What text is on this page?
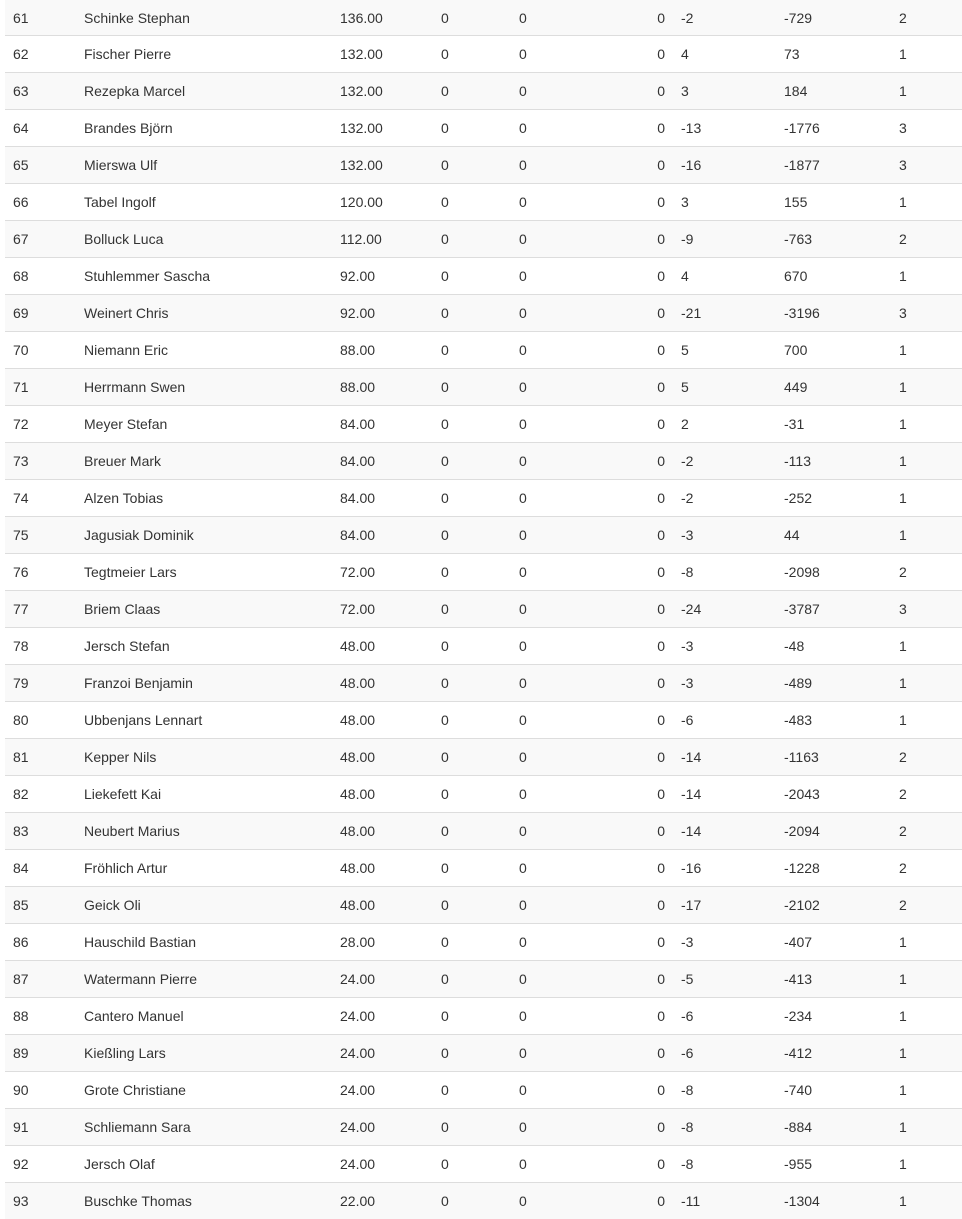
61	Schinke Stephan	136.00	0	0	0		-2		-729	2
62	Fischer Pierre	132.00	0	0	0		4		73	1
63	Rezepka Marcel	132.00	0	0	0		3		184	1
64	Brandes Björn	132.00	0	0	0		-13		-1776	3
65	Mierswa Ulf	132.00	0	0	0		-16		-1877	3
66	Tabel Ingolf	120.00	0	0	0		3		155	1
67	Bolluck Luca	112.00	0	0	0		-9		-763	2
68	Stuhlemmer Sascha	92.00	0	0	0		4		670	1
69	Weinert Chris	92.00	0	0	0		-21		-3196	3
70	Niemann Eric	88.00	0	0	0		5		700	1
71	Herrmann Swen	88.00	0	0	0		5		449	1
72	Meyer Stefan	84.00	0	0	0		2		-31	1
73	Breuer Mark	84.00	0	0	0		-2		-113	1
74	Alzen Tobias	84.00	0	0	0		-2		-252	1
75	Jagusiak Dominik	84.00	0	0	0		-3		44	1
76	Tegtmeier Lars	72.00	0	0	0		-8		-2098	2
77	Briem Claas	72.00	0	0	0		-24		-3787	3
78	Jersch Stefan	48.00	0	0	0		-3		-48	1
79	Franzoi Benjamin	48.00	0	0	0		-3		-489	1
80	Ubbenjans Lennart	48.00	0	0	0		-6		-483	1
81	Kepper Nils	48.00	0	0	0		-14		-1163	2
82	Liekefett Kai	48.00	0	0	0		-14		-2043	2
83	Neubert Marius	48.00	0	0	0		-14		-2094	2
84	Fröhlich Artur	48.00	0	0	0		-16		-1228	2
85	Geick Oli	48.00	0	0	0		-17		-2102	2
86	Hauschild Bastian	28.00	0	0	0		-3		-407	1
87	Watermann Pierre	24.00	0	0	0		-5		-413	1
88	Cantero Manuel	24.00	0	0	0		-6		-234	1
89	Kießling Lars	24.00	0	0	0		-6		-412	1
90	Grote Christiane	24.00	0	0	0		-8		-740	1
91	Schliemann Sara	24.00	0	0	0		-8		-884	1
92	Jersch Olaf	24.00	0	0	0		-8		-955	1
93	Buschke Thomas	22.00	0	0	0		-11		-1304	1
